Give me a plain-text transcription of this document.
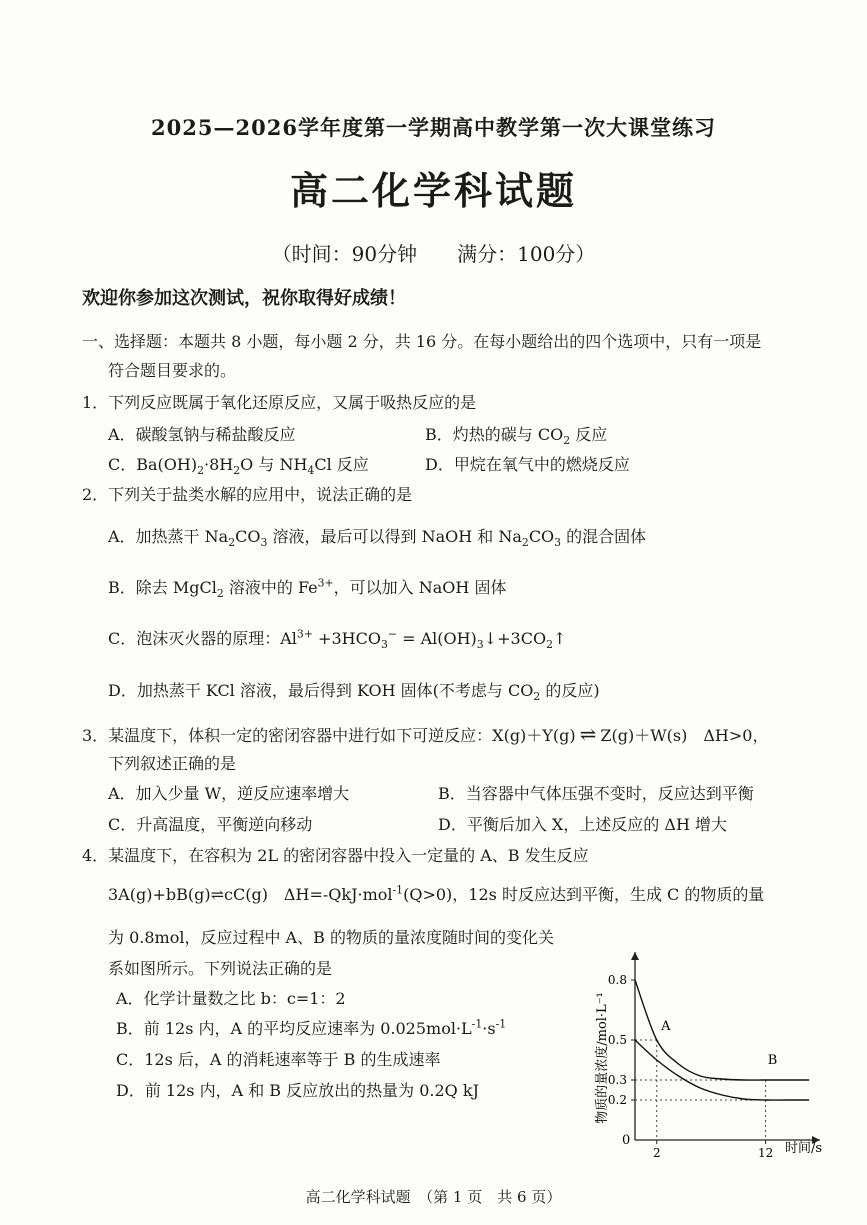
2025—2026学年度第一学期高中教学第一次大课堂练习
高二化学科试题
（时间：90分钟　　满分：100分）
欢迎你参加这次测试，祝你取得好成绩！
一、选择题：本题共 8 小题，每小题 2 分，共 16 分。在每小题给出的四个选项中，只有一项是
符合题目要求的。
1．下列反应既属于氧化还原反应，又属于吸热反应的是
A．碳酸氢钠与稀盐酸反应	B．灼热的碳与 $CO_2$ 反应
C．$Ba(OH)_2\cdot 8H_2O$ 与 $NH_4Cl$ 反应	D．甲烷在氧气中的燃烧反应
2．下列关于盐类水解的应用中，说法正确的是
A．加热蒸干 $Na_2CO_3$ 溶液，最后可以得到 NaOH 和 $Na_2CO_3$ 的混合固体
B．除去 MgCl$_2$ 溶液中的 $Fe^{3+}$，可以加入 NaOH 固体
C．泡沫灭火器的原理：$Al^{3+} +3HCO_3^-$ = $Al(OH)_3↓+3CO_2↑$
D．加热蒸干 KCl 溶液，最后得到 KOH 固体(不考虑与 $CO_2$ 的反应)
3．某温度下，体积一定的密闭容器中进行如下可逆反应：X(g)＋Y(g) ⇌ Z(g)＋W(s)　ΔH>0，
下列叙述正确的是
A．加入少量 W，逆反应速率增大	B．当容器中气体压强不变时，反应达到平衡
C．升高温度，平衡逆向移动	D．平衡后加入 X，上述反应的 ΔH 增大
4．某温度下，在容积为 2L 的密闭容器中投入一定量的 A、B 发生反应
3A(g)+bB(g)⇌cC(g)　ΔH=-QkJ·mol$^{-1}$(Q>0)，12s 时反应达到平衡，生成 C 的物质的量
为 0.8mol，反应过程中 A、B 的物质的量浓度随时间的变化关
系如图所示。下列说法正确的是
A．化学计量数之比 b：c=1：2
B．前 12s 内，A 的平均反应速率为 $0.025mol\cdot L^{-1}\cdot s^{-1}$
C．12s 后，A 的消耗速率等于 B 的生成速率
D．前 12s 内，A 和 B 反应放出的热量为 0.2Q kJ
0.8
0.5
0.3
0.2
2	12
A
B
物质的量浓度/mol·L⁻¹
时间/s
0
高二化学科试题　（第 1 页　共 6 页）
